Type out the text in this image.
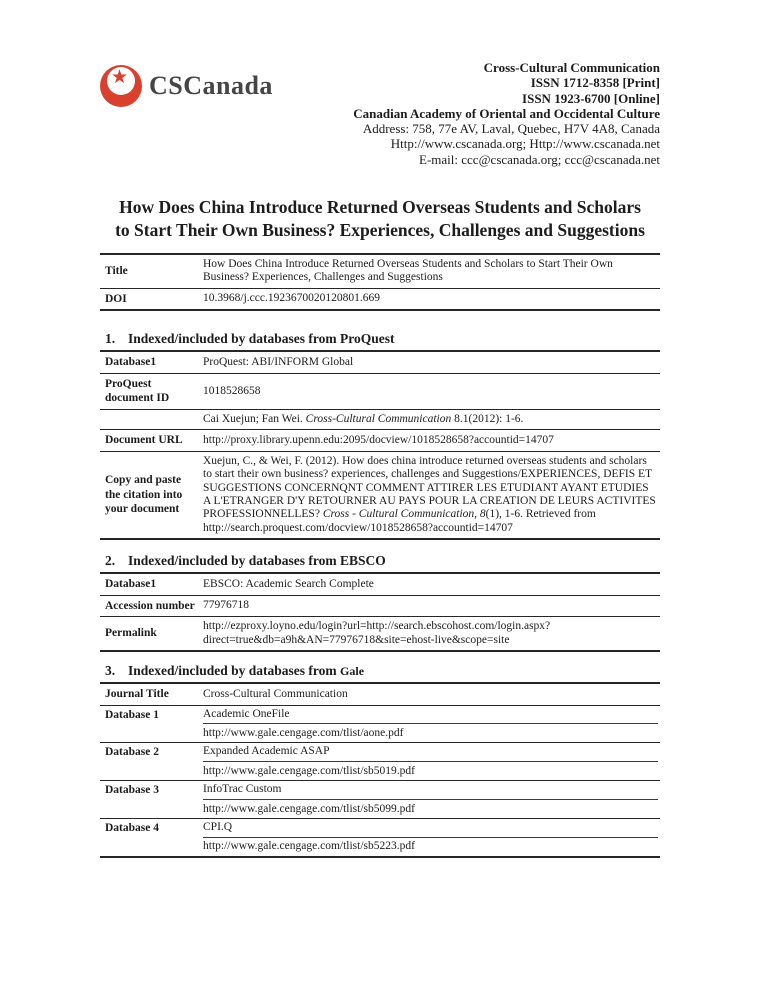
★ CSCanada
Cross-Cultural Communication
ISSN 1712-8358 [Print]
ISSN 1923-6700 [Online]
Canadian Academy of Oriental and Occidental Culture
Address: 758, 77e AV, Laval, Quebec, H7V 4A8, Canada
Http://www.cscanada.org; Http://www.cscanada.net
E-mail: ccc@cscanada.org; ccc@cscanada.net
How Does China Introduce Returned Overseas Students and Scholars
to Start Their Own Business? Experiences, Challenges and Suggestions
Title	How Does China Introduce Returned Overseas Students and Scholars to Start Their Own Business? Experiences, Challenges and Suggestions
DOI	10.3968/j.ccc.1923670020120801.669
1. Indexed/included by databases from ProQuest
Database1	ProQuest: ABI/INFORM Global
ProQuest document ID	1018528658
	Cai Xuejun; Fan Wei. Cross-Cultural Communication 8.1(2012): 1-6.
Document URL	http://proxy.library.upenn.edu:2095/docview/1018528658?accountid=14707
Copy and paste the citation into your document	Xuejun, C., & Wei, F. (2012). How does china introduce returned overseas students and scholars to start their own business? experiences, challenges and Suggestions/EXPERIENCES, DEFIS ET SUGGESTIONS CONCERNQNT COMMENT ATTIRER LES ETUDIANT AYANT ETUDIES A L'ETRANGER D'Y RETOURNER AU PAYS POUR LA CREATION DE LEURS ACTIVITES PROFESSIONNELLES? Cross - Cultural Communication, 8(1), 1-6. Retrieved from http://search.proquest.com/docview/1018528658?accountid=14707
2. Indexed/included by databases from EBSCO
Database1	EBSCO: Academic Search Complete
Accession number	77976718
Permalink	http://ezproxy.loyno.edu/login?url=http://search.ebscohost.com/login.aspx?direct=true&db=a9h&AN=77976718&site=ehost-live&scope=site
3. Indexed/included by databases from Gale
Journal Title	Cross-Cultural Communication
Database 1	Academic OneFile
http://www.gale.cengage.com/tlist/aone.pdf

Database 2	Expanded Academic ASAP
http://www.gale.cengage.com/tlist/sb5019.pdf

Database 3	InfoTrac Custom
http://www.gale.cengage.com/tlist/sb5099.pdf

Database 4	CPI.Q
http://www.gale.cengage.com/tlist/sb5223.pdf
